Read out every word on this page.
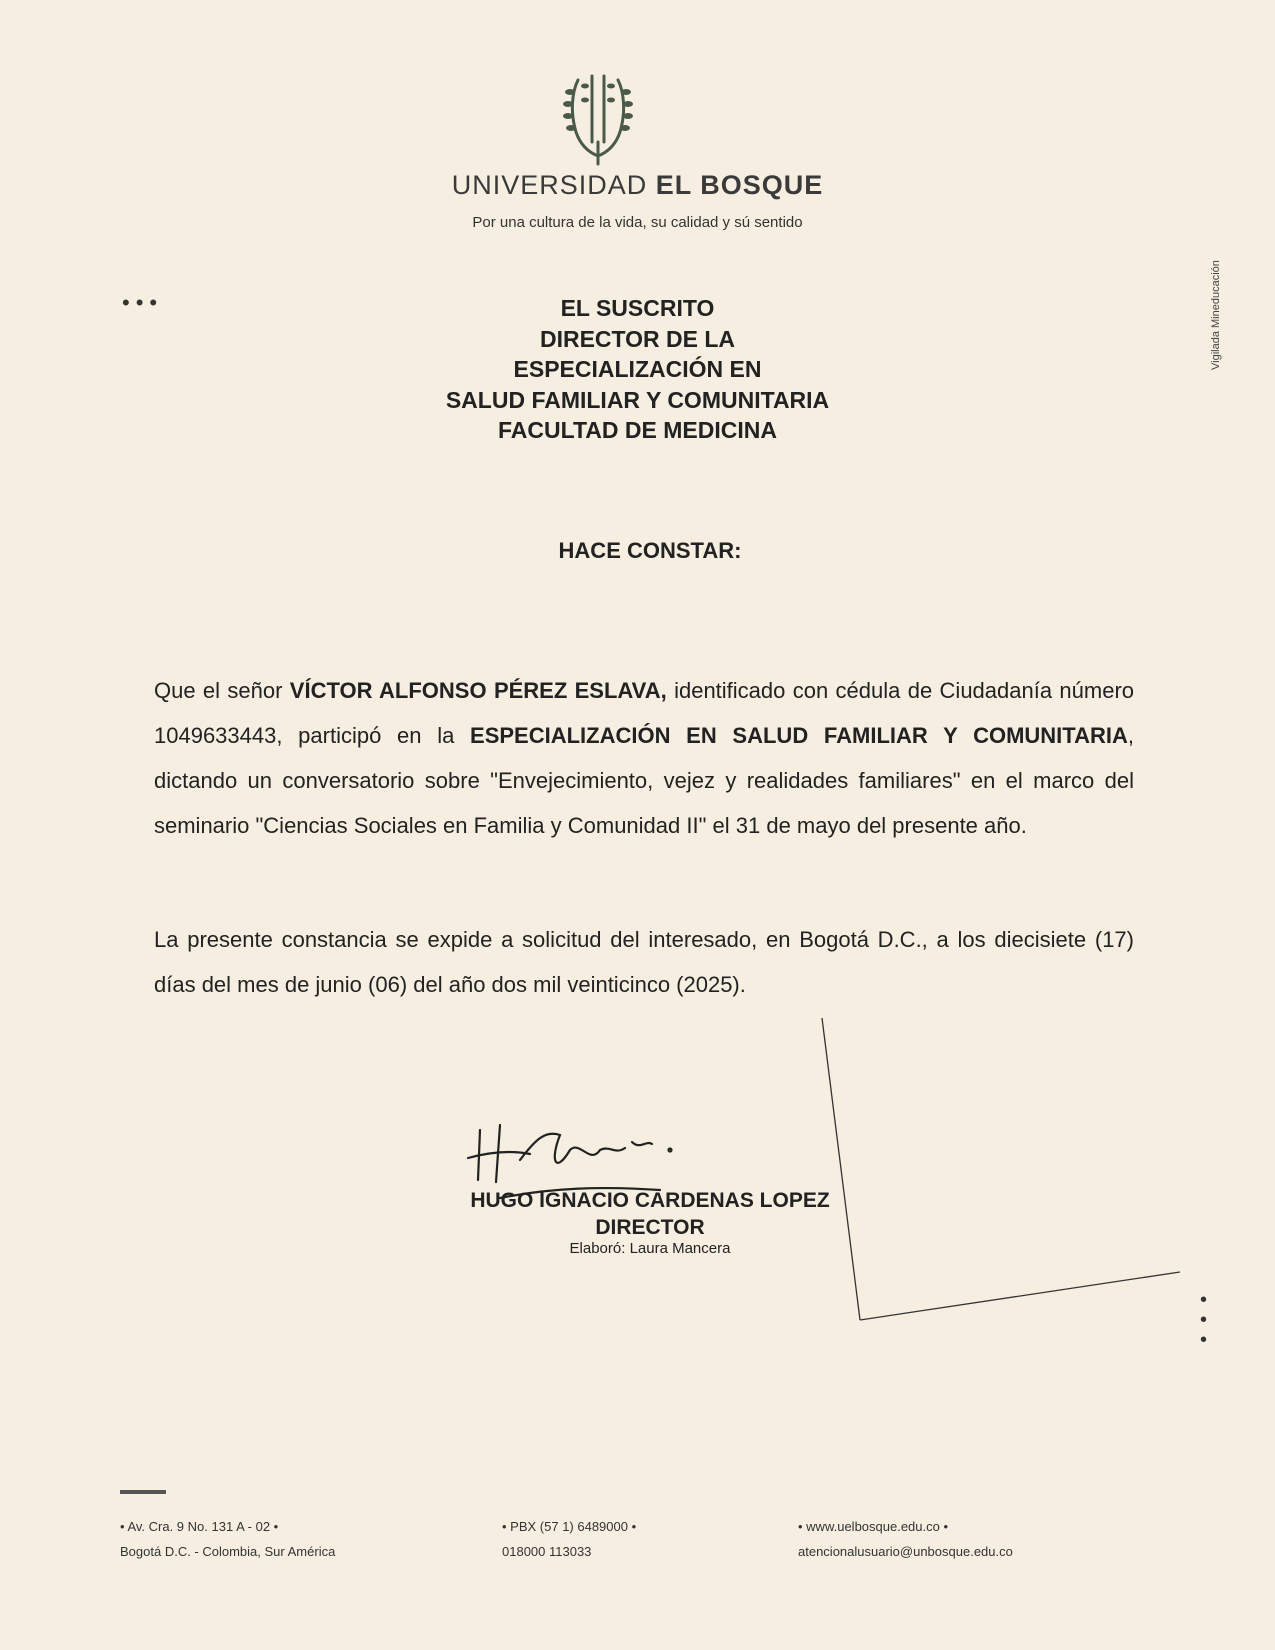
UNIVERSIDAD EL BOSQUE
Por una cultura de la vida, su calidad y sú sentido
•••	Vigilada Mineducación
EL SUSCRITO
DIRECTOR DE LA
ESPECIALIZACIÓN EN
SALUD FAMILIAR Y COMUNITARIA
FACULTAD DE MEDICINA
HACE CONSTAR:
Que el señor VÍCTOR ALFONSO PÉREZ ESLAVA, identificado con cédula de Ciudadanía número 1049633443, participó en la ESPECIALIZACIÓN EN SALUD FAMILIAR Y COMUNITARIA, dictando un conversatorio sobre "Envejecimiento, vejez y realidades familiares" en el marco del seminario "Ciencias Sociales en Familia y Comunidad II" el 31 de mayo del presente año.
La presente constancia se expide a solicitud del interesado, en Bogotá D.C., a los diecisiete (17) días del mes de junio (06) del año dos mil veinticinco (2025).
HUGO IGNACIO CARDENAS LOPEZ
DIRECTOR
Elaboró: Laura Mancera
•
•
•
• Av. Cra. 9 No. 131 A - 02 •
Bogotá D.C. - Colombia, Sur América
• PBX (57 1) 6489000 •
018000 113033
• www.uelbosque.edu.co •
atencionalusuario@unbosque.edu.co
